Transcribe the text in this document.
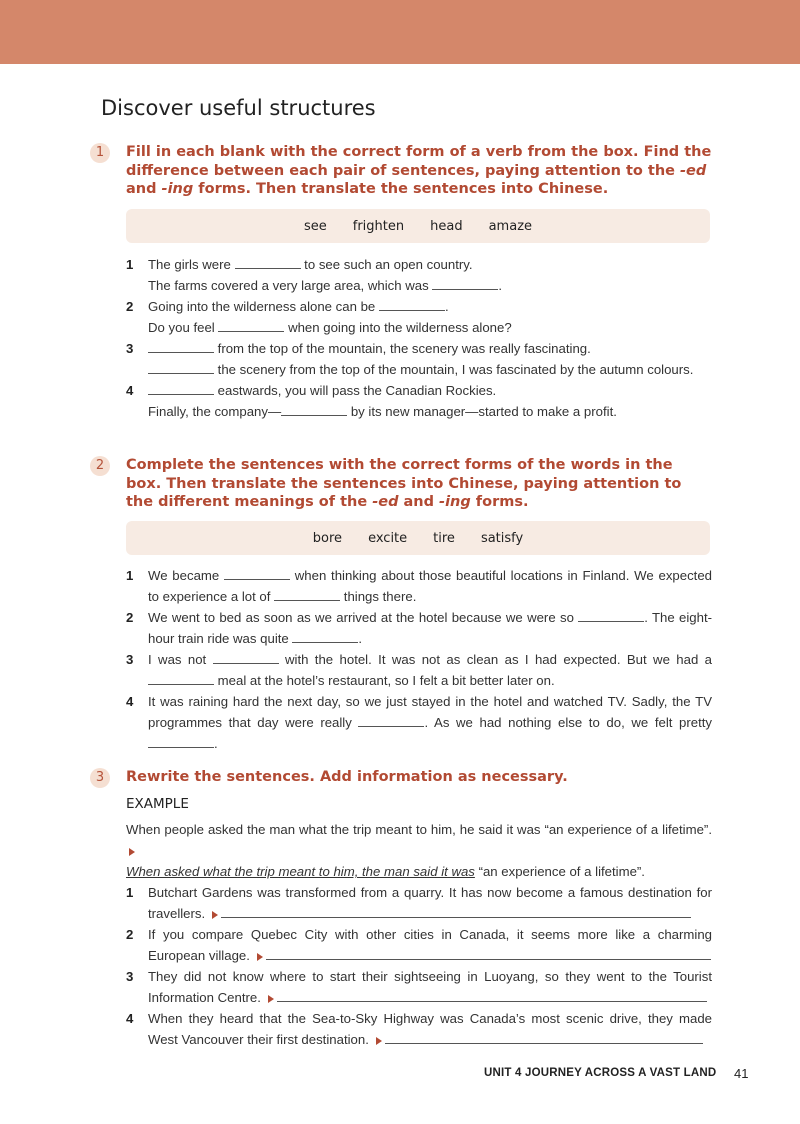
Discover useful structures
1	Fill in each blank with the correct form of a verb from the box. Find the difference between each pair of sentences, paying attention to the -ed and -ing forms. Then translate the sentences into Chinese.
see frighten head amaze
1 The girls were	to see such an open country.
The farms covered a very large area, which was	.
2 Going into the wilderness alone can be	.
Do you feel	when going into the wilderness alone?
3	from the top of the mountain, the scenery was really fascinating.
the scenery from the top of the mountain, I was fascinated by the autumn colours.
4	eastwards, you will pass the Canadian Rockies.
Finally, the company—	by its new manager—started to make a profit.
2	Complete the sentences with the correct forms of the words in the box. Then translate the sentences into Chinese, paying attention to the different meanings of the -ed and -ing forms.
bore excite tire satisfy
1 We became	when thinking about those beautiful locations in Finland. We expected to experience a lot of	things there.
2 We went to bed as soon as we arrived at the hotel because we were so	. The eight-hour train ride was quite	.
3 I was not	with the hotel. It was not as clean as I had expected. But we had a  meal at the hotel’s restaurant, so I felt a bit better later on.
4 It was raining hard the next day, so we just stayed in the hotel and watched TV. Sadly, the TV programmes that day were really	. As we had nothing else to do, we felt pretty .
3	Rewrite the sentences. Add information as necessary.
EXAMPLE
When people asked the man what the trip meant to him, he said it was “an experience of a lifetime”.
When asked what the trip meant to him, the man said it was “an experience of a lifetime”.
1 Butchart Gardens was transformed from a quarry. It has now become a famous destination for travellers.
2 If you compare Quebec City with other cities in Canada, it seems more like a charming European village.
3 They did not know where to start their sightseeing in Luoyang, so they went to the Tourist Information Centre.
4 When they heard that the Sea-to-Sky Highway was Canada’s most scenic drive, they made West Vancouver their first destination.
UNIT 4 JOURNEY ACROSS A VAST LAND 41
